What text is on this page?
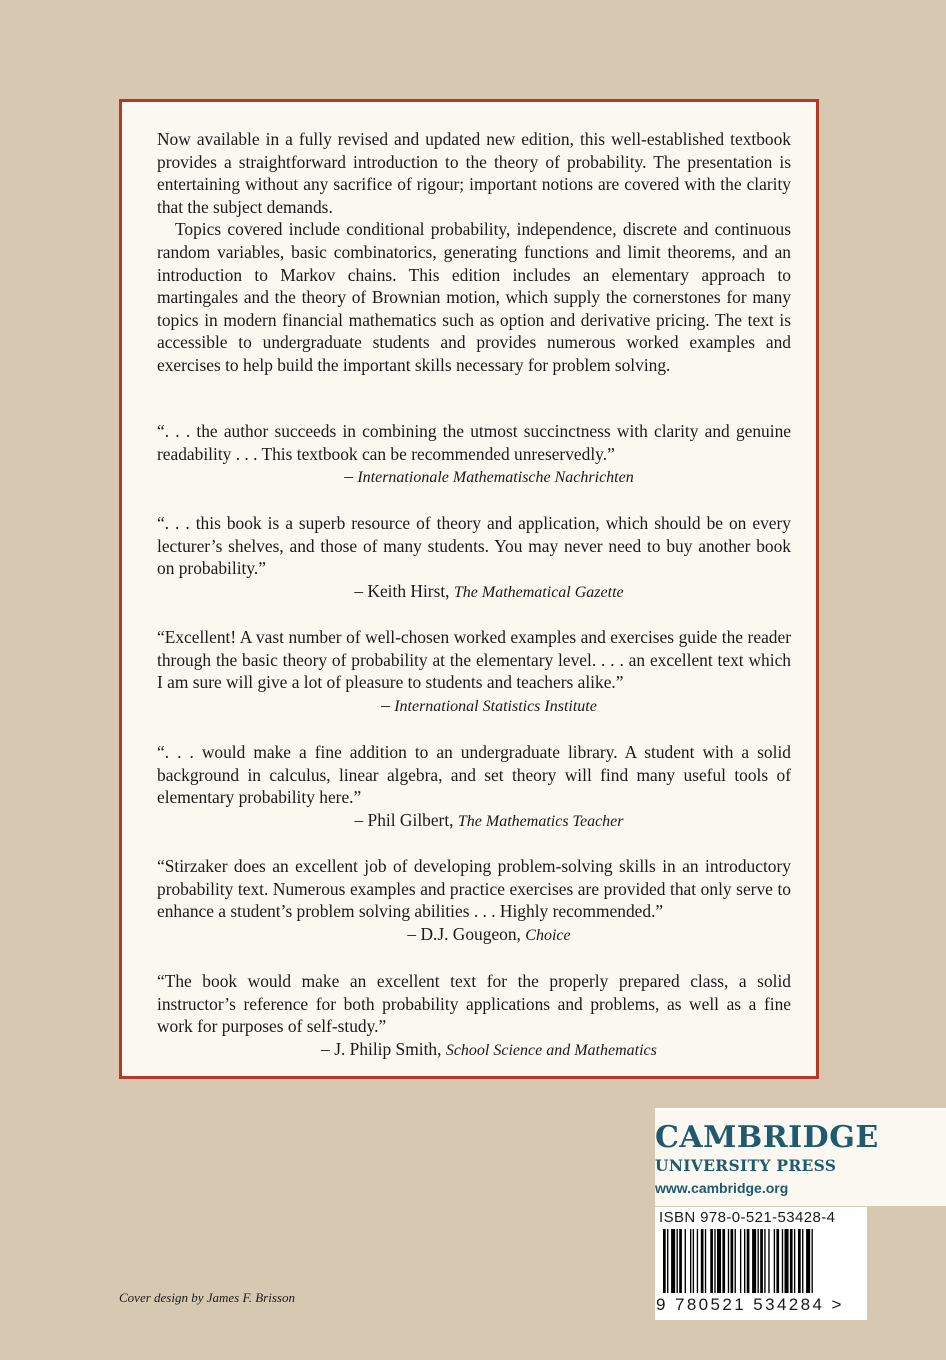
Now available in a fully revised and updated new edition, this well-established textbook provides a straightforward introduction to the theory of probability. The presentation is entertaining without any sacrifice of rigour; important notions are covered with the clarity that the subject demands.

Topics covered include conditional probability, independence, discrete and continuous random variables, basic combinatorics, generating functions and limit theorems, and an introduction to Markov chains. This edition includes an elementary approach to martingales and the theory of Brownian motion, which supply the cornerstones for many topics in modern financial mathematics such as option and derivative pricing. The text is accessible to undergraduate students and provides numerous worked examples and exercises to help build the important skills necessary for problem solving.

“. . . the author succeeds in combining the utmost succinctness with clarity and genuine readability . . . This textbook can be recommended unreservedly.”

– Internationale Mathematische Nachrichten

“. . . this book is a superb resource of theory and application, which should be on every lecturer’s shelves, and those of many students. You may never need to buy another book on probability.”

– Keith Hirst, The Mathematical Gazette

“Excellent! A vast number of well-chosen worked examples and exercises guide the reader through the basic theory of probability at the elementary level. . . . an excellent text which I am sure will give a lot of pleasure to students and teachers alike.”

– International Statistics Institute

“. . . would make a fine addition to an undergraduate library. A student with a solid background in calculus, linear algebra, and set theory will find many useful tools of elementary probability here.”

– Phil Gilbert, The Mathematics Teacher

“Stirzaker does an excellent job of developing problem-solving skills in an introductory probability text. Numerous examples and practice exercises are provided that only serve to enhance a student’s problem solving abilities . . . Highly recommended.”

– D.J. Gougeon, Choice

“The book would make an excellent text for the properly prepared class, a solid instructor’s reference for both probability applications and problems, as well as a fine work for purposes of self-study.”

– J. Philip Smith, School Science and Mathematics

CAMBRIDGE
UNIVERSITY PRESS
www.cambridge.org
ISBN 978-0-521-53428-4
9 780521 534284 >
Cover design by James F. Brisson
